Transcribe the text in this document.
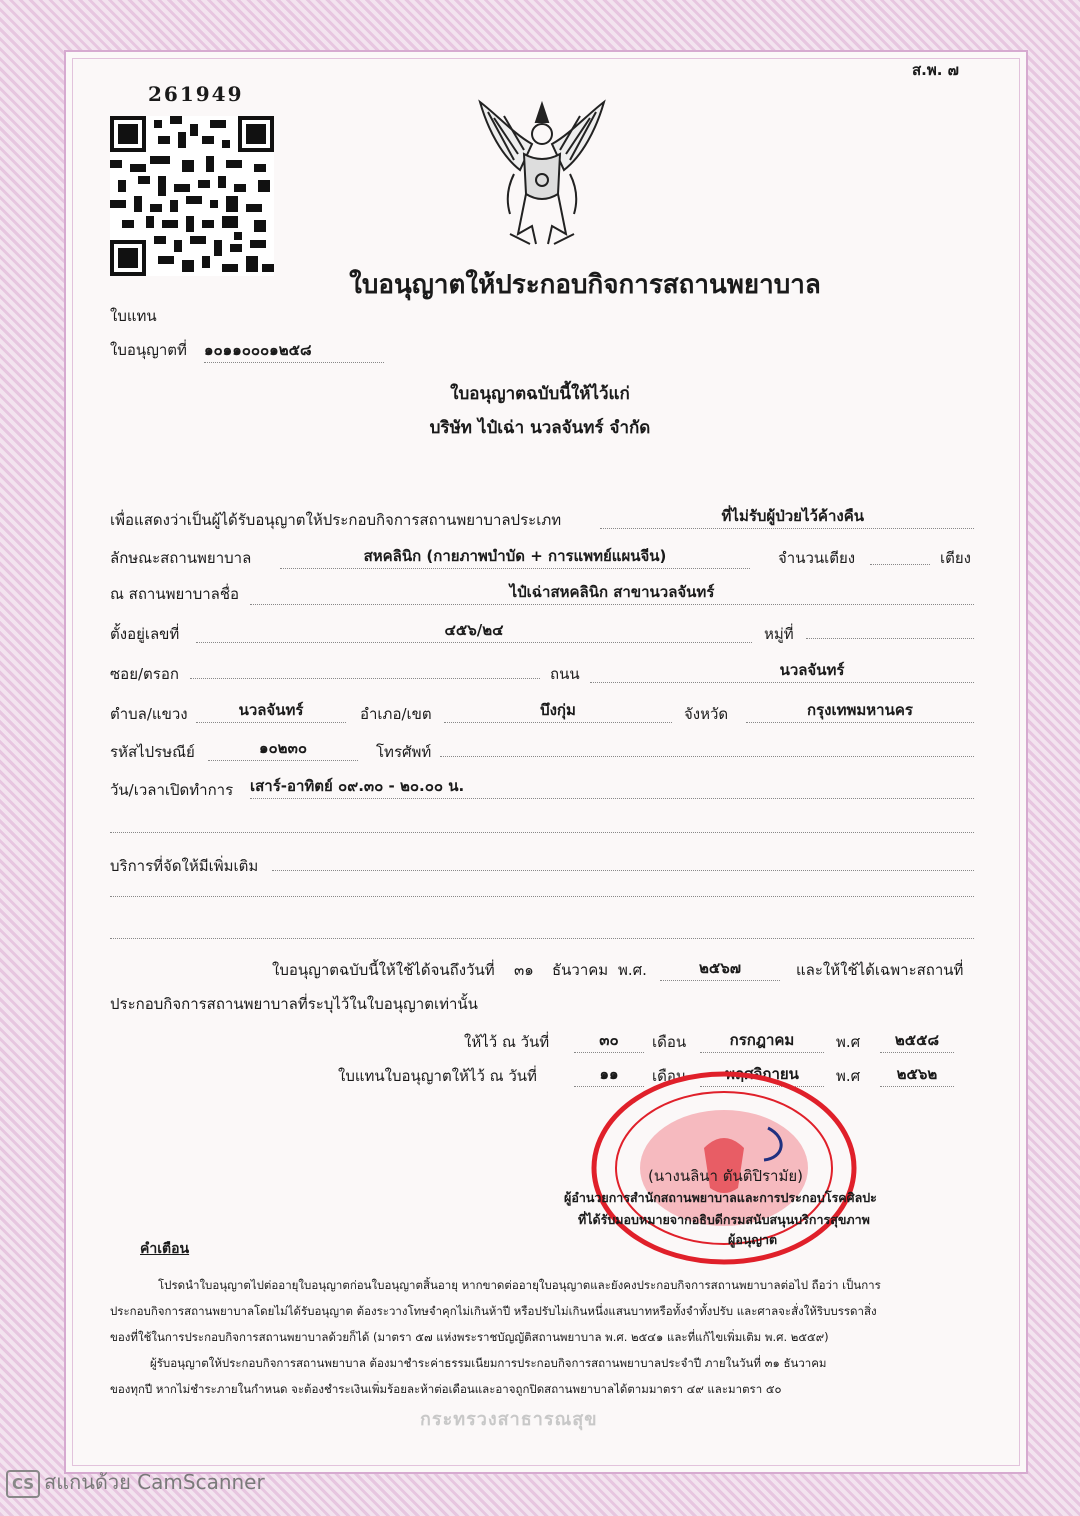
ส.พ. ๗
261949
ใบอนุญาตให้ประกอบกิจการสถานพยาบาล
ใบแทน
ใบอนุญาตที่ ๑๐๑๑๐๐๐๑๒๕๘
ใบอนุญาตฉบับนี้ให้ไว้แก่
บริษัท ไป๋เฉ่า นวลจันทร์ จำกัด
เพื่อแสดงว่าเป็นผู้ได้รับอนุญาตให้ประกอบกิจการสถานพยาบาลประเภท	ที่ไม่รับผู้ป่วยไว้ค้างคืน
ลักษณะสถานพยาบาล	สหคลินิก (กายภาพบำบัด + การแพทย์แผนจีน)	จำนวนเตียง	เตียง
ณ สถานพยาบาลชื่อ	ไป๋เฉ่าสหคลินิก สาขานวลจันทร์
ตั้งอยู่เลขที่	๔๕๖/๒๔	หมู่ที่
ซอย/ตรอก	ถนน	นวลจันทร์
ตำบล/แขวง	นวลจันทร์	อำเภอ/เขต	บึงกุ่ม	จังหวัด	กรุงเทพมหานคร
รหัสไปรษณีย์	๑๐๒๓๐	โทรศัพท์
วัน/เวลาเปิดทำการ เสาร์-อาทิตย์ ๐๙.๓๐ - ๒๐.๐๐ น.
บริการที่จัดให้มีเพิ่มเติม
ใบอนุญาตฉบับนี้ให้ใช้ได้จนถึงวันที่ ๓๑ ธันวาคม พ.ศ.	๒๕๖๗	และให้ใช้ได้เฉพาะสถานที่
ประกอบกิจการสถานพยาบาลที่ระบุไว้ในใบอนุญาตเท่านั้น
ให้ไว้ ณ วันที่	๓๐	เดือน	กรกฎาคม	พ.ศ	๒๕๕๘
ใบแทนใบอนุญาตให้ไว้ ณ วันที่	๑๑	เดือน	พฤศจิกายน	พ.ศ	๒๕๖๒
(นางนลินา ตันติปิรามัย)
ผู้อำนวยการสำนักสถานพยาบาลและการประกอบโรคศิลปะ
ที่ได้รับมอบหมายจากอธิบดีกรมสนับสนุนบริการสุขภาพ
ผู้อนุญาต
คำเตือน
โปรดนำใบอนุญาตไปต่ออายุใบอนุญาตก่อนใบอนุญาตสิ้นอายุ หากขาดต่ออายุใบอนุญาตและยังคงประกอบกิจการสถานพยาบาลต่อไป ถือว่า เป็นการ
ประกอบกิจการสถานพยาบาลโดยไม่ได้รับอนุญาต ต้องระวางโทษจำคุกไม่เกินห้าปี หรือปรับไม่เกินหนึ่งแสนบาทหรือทั้งจำทั้งปรับ และศาลจะสั่งให้ริบบรรดาสิ่ง
ของที่ใช้ในการประกอบกิจการสถานพยาบาลด้วยก็ได้ (มาตรา ๕๗ แห่งพระราชบัญญัติสถานพยาบาล พ.ศ. ๒๕๔๑ และที่แก้ไขเพิ่มเติม พ.ศ. ๒๕๕๙)
ผู้รับอนุญาตให้ประกอบกิจการสถานพยาบาล ต้องมาชำระค่าธรรมเนียมการประกอบกิจการสถานพยาบาลประจำปี ภายในวันที่ ๓๑ ธันวาคม
ของทุกปี หากไม่ชำระภายในกำหนด จะต้องชำระเงินเพิ่มร้อยละห้าต่อเดือนและอาจถูกปิดสถานพยาบาลได้ตามมาตรา ๔๙ และมาตรา ๕๐
กระทรวงสาธารณสุข
CS สแกนด้วย CamScanner
